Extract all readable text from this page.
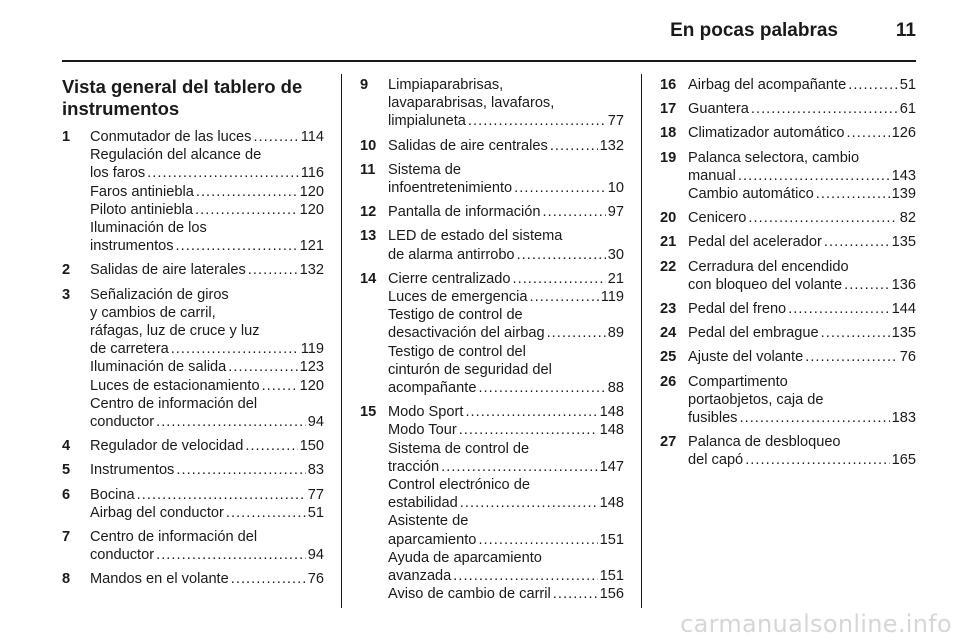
En pocas palabras	11
Vista general del tablero de instrumentos
1 Conmutador de las luces . . .	114
Regulación del alcance de
los faros . . .	116
Faros antiniebla . . .	120
Piloto antiniebla . . .	120
Iluminación de los
instrumentos . . .	121
2 Salidas de aire laterales . . .	132
3 Señalización de giros
y cambios de carril,
ráfagas, luz de cruce y luz
de carretera . . .	119
Iluminación de salida . . .	123
Luces de estacionamiento . . .	120
Centro de información del
conductor . . .	94
4 Regulador de velocidad . . .	150
5 Instrumentos . . .	83
6 Bocina . . .	77
Airbag del conductor . . .	51
7 Centro de información del
conductor . . .	94
8 Mandos en el volante . . .	76
9 Limpiaparabrisas,
lavaparabrisas, lavafaros,
limpialuneta . . .	77
10 Salidas de aire centrales . . .	132
11 Sistema de
infoentretenimiento . . .	10
12 Pantalla de información . . .	97
13 LED de estado del sistema
de alarma antirrobo . . .	30
14 Cierre centralizado . . .	21
Luces de emergencia . . .	119
Testigo de control de
desactivación del airbag . . .	89
Testigo de control del
cinturón de seguridad del
acompañante . . .	88
15 Modo Sport . . .	148
Modo Tour . . .	148
Sistema de control de
tracción . . .	147
Control electrónico de
estabilidad . . .	148
Asistente de
aparcamiento . . .	151
Ayuda de aparcamiento
avanzada . . .	151
Aviso de cambio de carril . . .	156
16 Airbag del acompañante . . .	51
17 Guantera . . .	61
18 Climatizador automático . . .	126
19 Palanca selectora, cambio
manual . . .	143
Cambio automático . . .	139
20 Cenicero . . .	82
21 Pedal del acelerador . . .	135
22 Cerradura del encendido
con bloqueo del volante . . .	136
23 Pedal del freno . . .	144
24 Pedal del embrague . . .	135
25 Ajuste del volante . . .	76
26 Compartimento
portaobjetos, caja de
fusibles . . .	183
27 Palanca de desbloqueo
del capó . . .	165
carmanualsonline.info
